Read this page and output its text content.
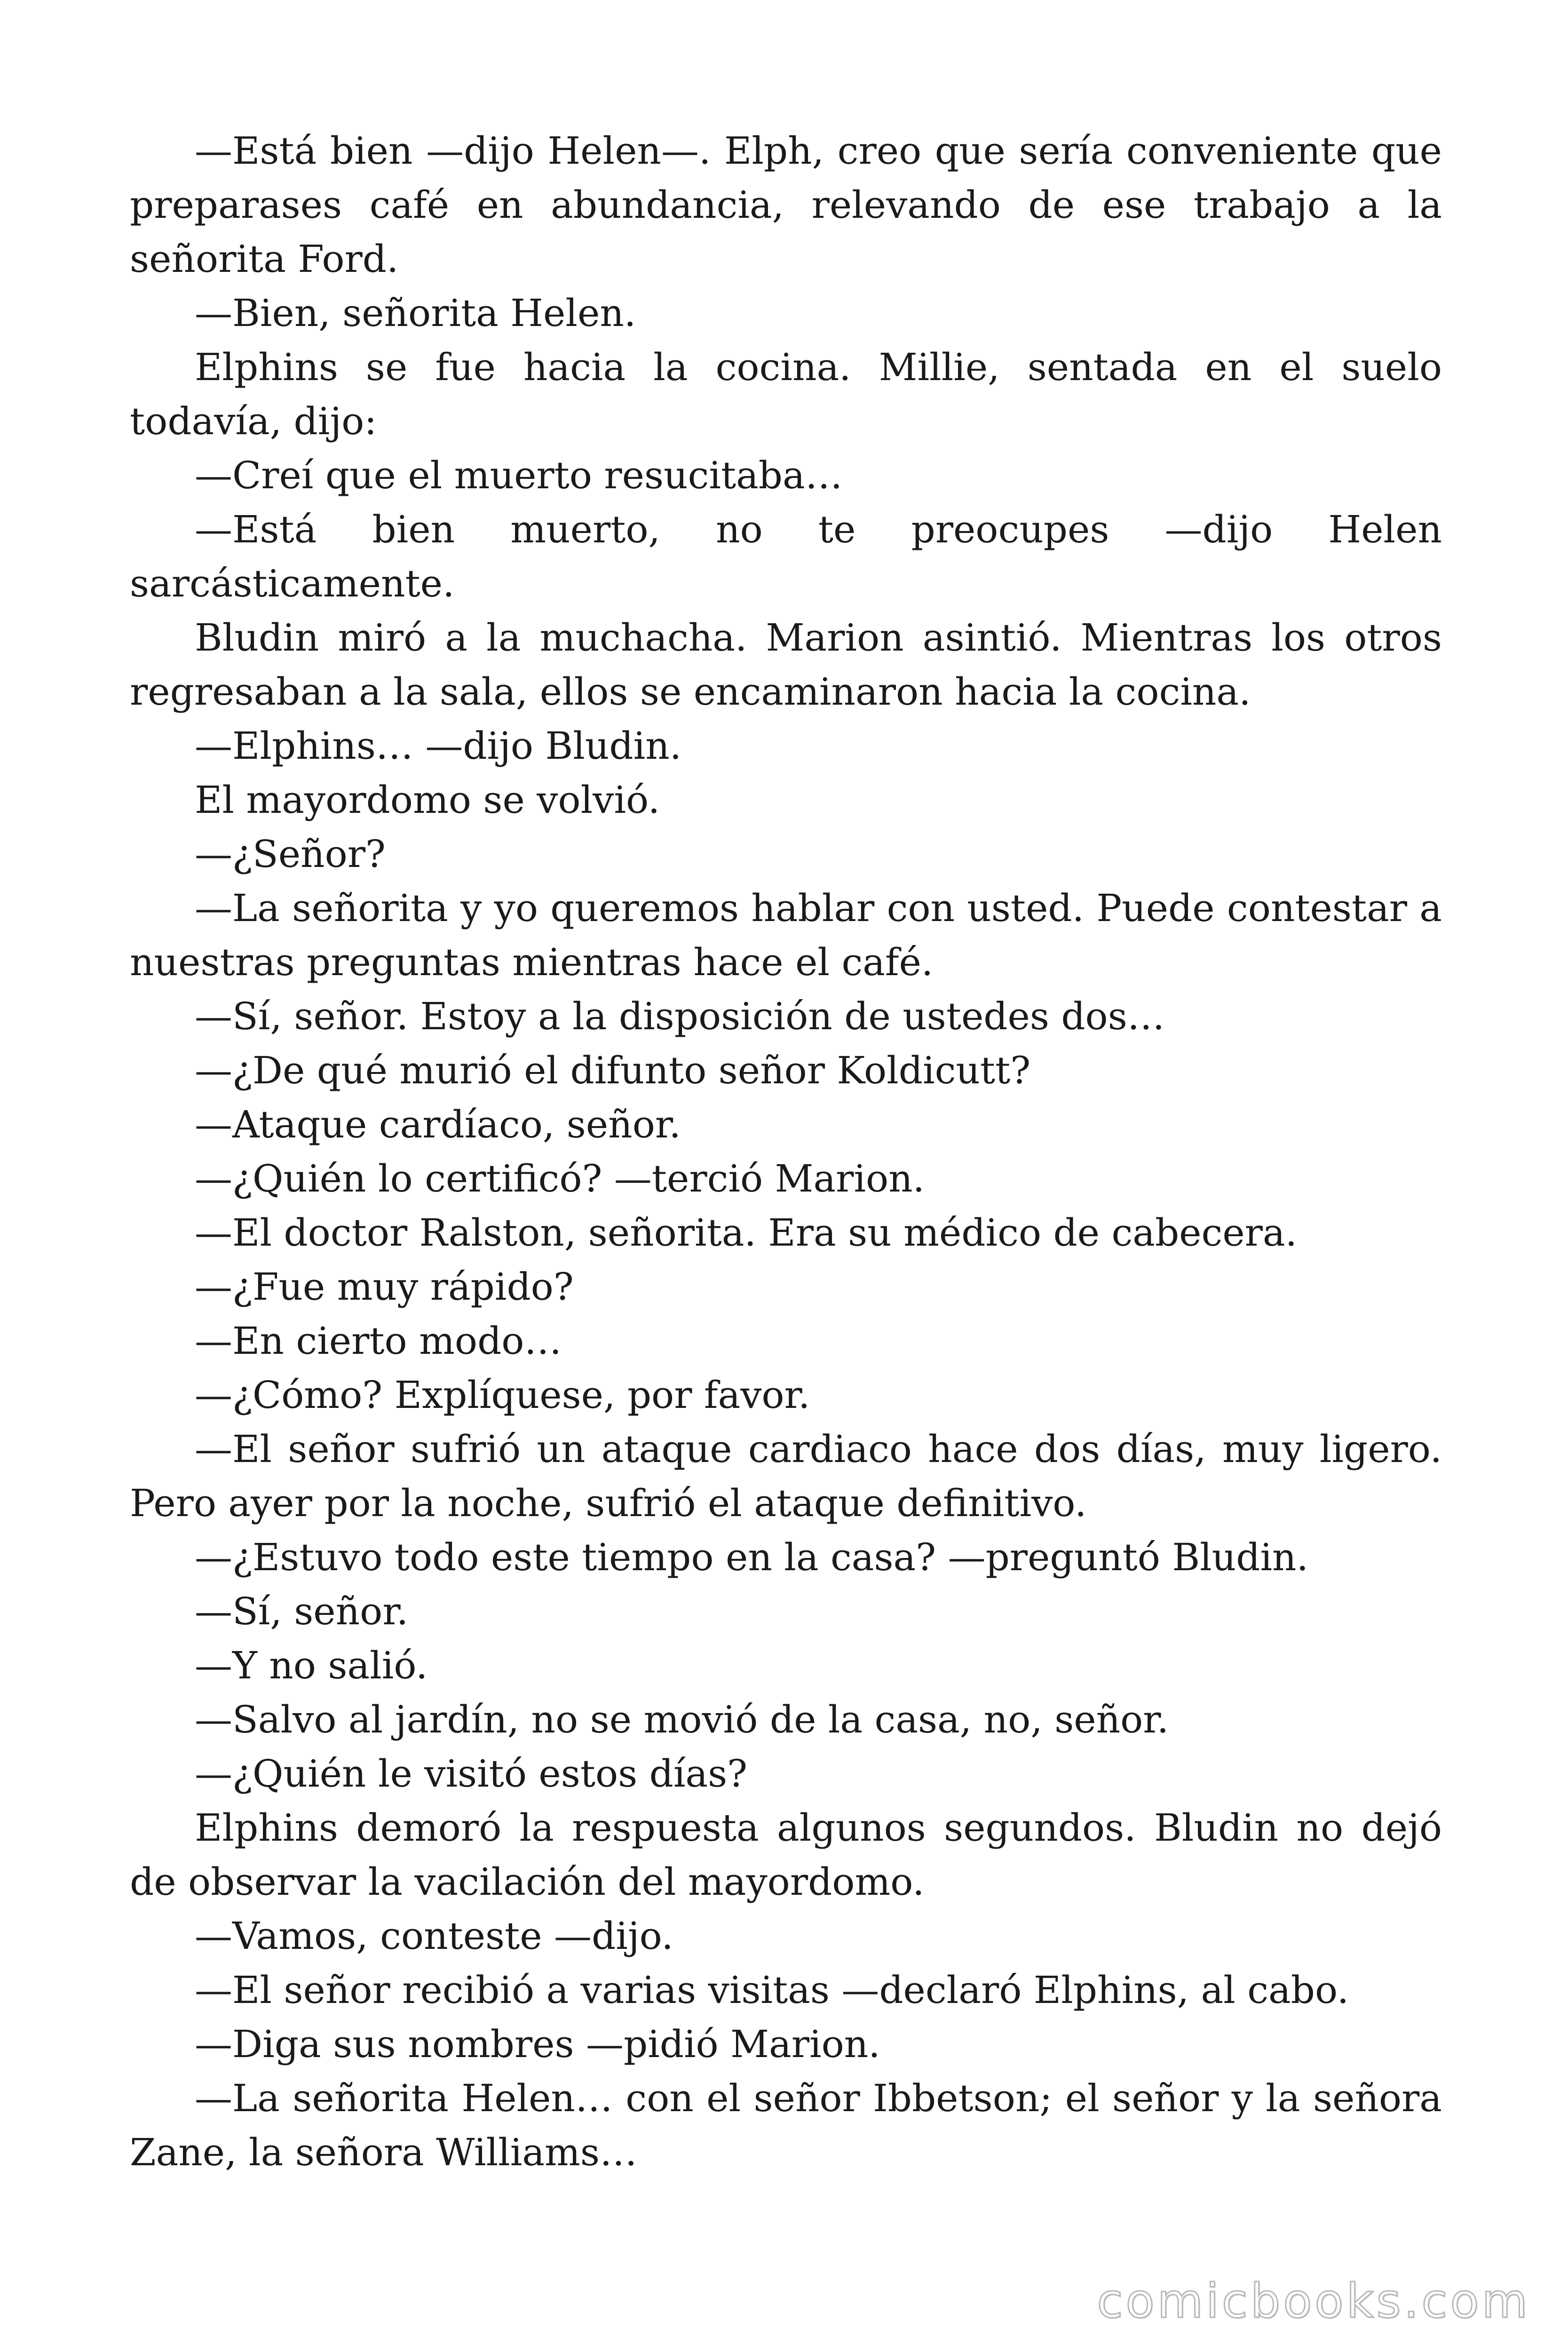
—Está bien —dijo Helen—. Elph, creo que sería conveniente que preparases café en abundancia, relevando de ese trabajo a la señorita Ford.

—Bien, señorita Helen.

Elphins se fue hacia la cocina. Millie, sentada en el suelo todavía, dijo:

—Creí que el muerto resucitaba…

—Está bien muerto, no te preocupes —dijo Helen sarcásticamente.

Bludin miró a la muchacha. Marion asintió. Mientras los otros regresaban a la sala, ellos se encaminaron hacia la cocina.

—Elphins… —dijo Bludin.

El mayordomo se volvió.

—¿Señor?

—La señorita y yo queremos hablar con usted. Puede contestar a nuestras preguntas mientras hace el café.

—Sí, señor. Estoy a la disposición de ustedes dos…

—¿De qué murió el difunto señor Koldicutt?

—Ataque cardíaco, señor.

—¿Quién lo certificó? —terció Marion.

—El doctor Ralston, señorita. Era su médico de cabecera.

—¿Fue muy rápido?

—En cierto modo…

—¿Cómo? Explíquese, por favor.

—El señor sufrió un ataque cardiaco hace dos días, muy ligero. Pero ayer por la noche, sufrió el ataque definitivo.

—¿Estuvo todo este tiempo en la casa? —preguntó Bludin.

—Sí, señor.

—Y no salió.

—Salvo al jardín, no se movió de la casa, no, señor.

—¿Quién le visitó estos días?

Elphins demoró la respuesta algunos segundos. Bludin no dejó de observar la vacilación del mayordomo.

—Vamos, conteste —dijo.

—El señor recibió a varias visitas —declaró Elphins, al cabo.

—Diga sus nombres —pidió Marion.

—La señorita Helen… con el señor Ibbetson; el señor y la señora Zane, la señora Williams…

comicbooks.com
